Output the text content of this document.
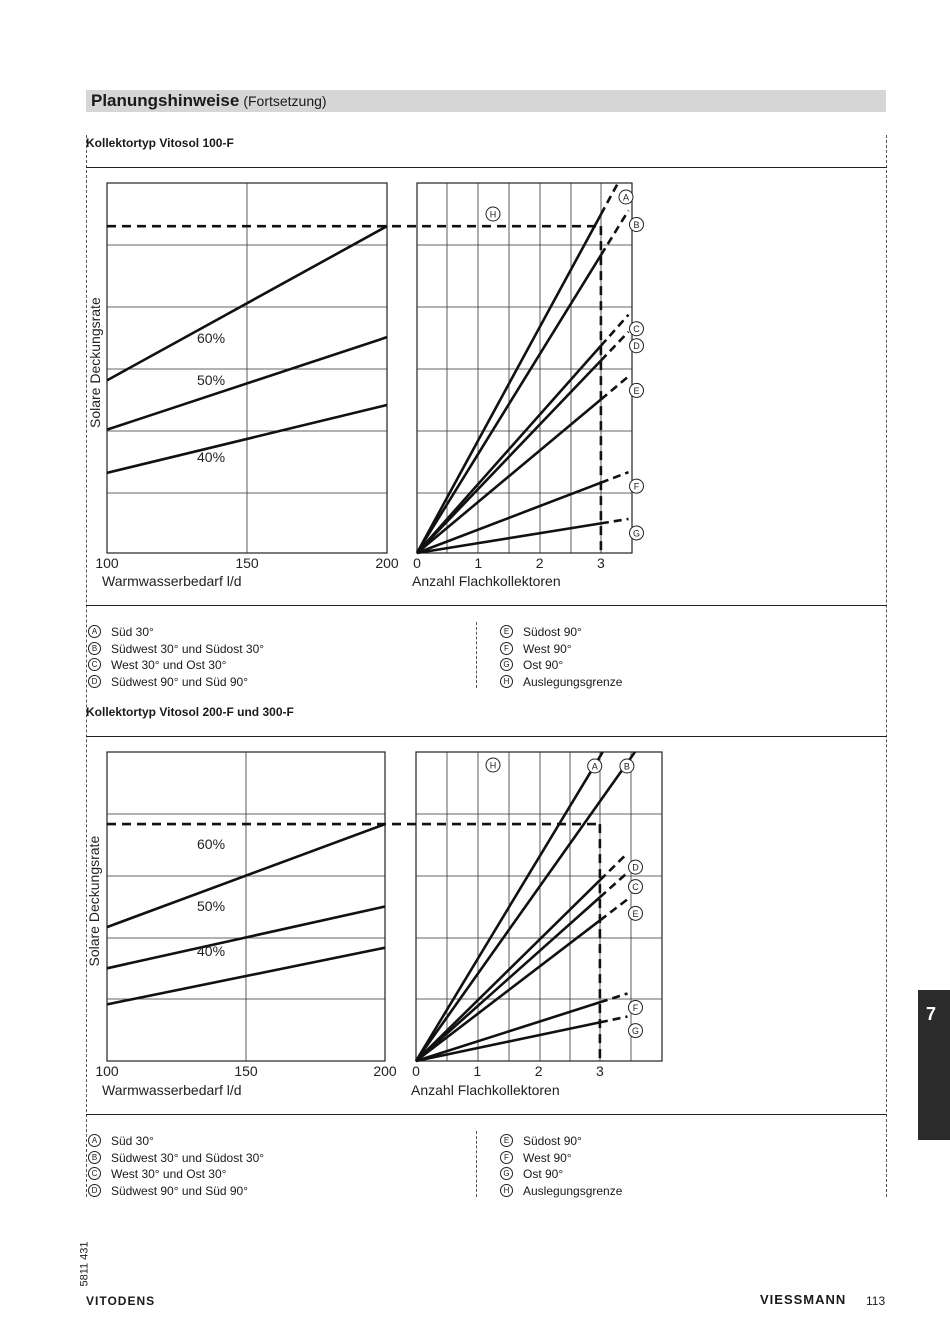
Planungshinweise (Fortsetzung)
Kollektortyp Vitosol 100-F
Solare Deckungsrate	60%
50%
40%
100	150	200
Warmwasserbedarf l/d
A
B
C
D
E
F
G
H
0	1	2	3
Anzahl Flachkollektoren
A Süd 30°
B Südwest 30° und Südost 30°
C West 30° und Ost 30°
D Südwest 90° und Süd 90°
E Südost 90°
F West 90°
G Ost 90°
H Auslegungsgrenze
Kollektortyp Vitosol 200-F und 300-F
Solare Deckungsrate	60%
50%
40%
100	150	200
Warmwasserbedarf l/d
A	B
D
C
E
F
G
H
0	1	2	3
Anzahl Flachkollektoren
A Süd 30°
B Südwest 30° und Südost 30°
C West 30° und Ost 30°
D Südwest 90° und Süd 90°
E Südost 90°
F West 90°
G Ost 90°
H Auslegungsgrenze
7
5811 431
VITODENS	VIESSMANN 113
